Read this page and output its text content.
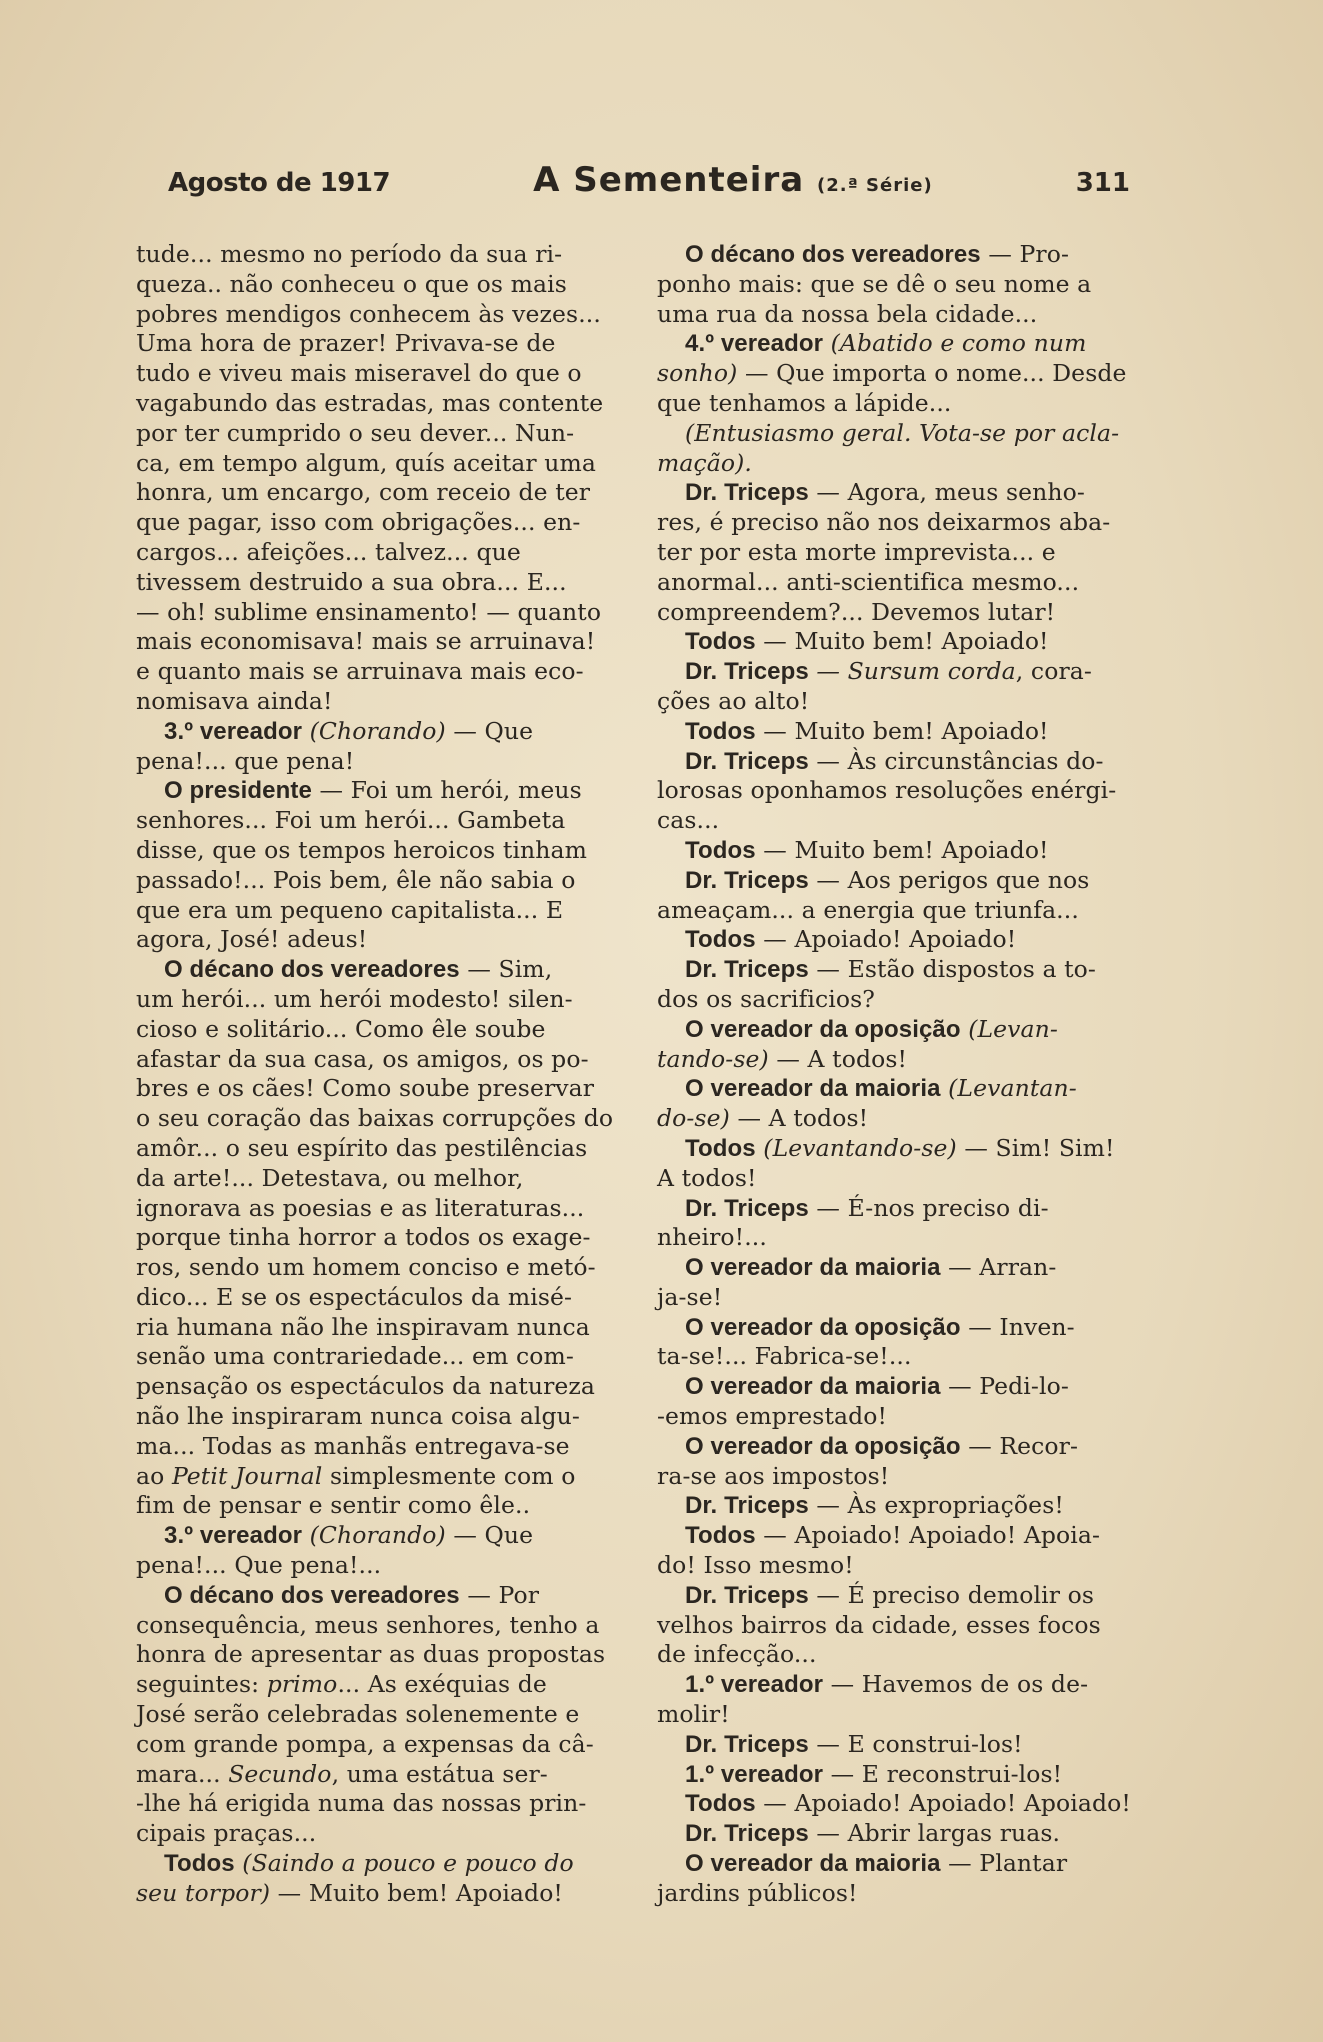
Agosto de 1917	A Sementeira (2.ª Série)	311
tude... mesmo no período da sua ri-
queza.. não conheceu o que os mais
pobres mendigos conhecem às vezes...
Uma hora de prazer! Privava-se de
tudo e viveu mais miseravel do que o
vagabundo das estradas, mas contente
por ter cumprido o seu dever... Nun-
ca, em tempo algum, quís aceitar uma
honra, um encargo, com receio de ter
que pagar, isso com obrigações... en-
cargos... afeições... talvez... que
tivessem destruido a sua obra... E...
— oh! sublime ensinamento! — quanto
mais economisava! mais se arruinava!
e quanto mais se arruinava mais eco-
nomisava ainda!
3.º vereador (Chorando) — Que
pena!... que pena!
O presidente — Foi um herói, meus
senhores... Foi um herói... Gambeta
disse, que os tempos heroicos tinham
passado!... Pois bem, êle não sabia o
que era um pequeno capitalista... E
agora, José! adeus!
O décano dos vereadores — Sim,
um herói... um herói modesto! silen-
cioso e solitário... Como êle soube
afastar da sua casa, os amigos, os po-
bres e os cães! Como soube preservar
o seu coração das baixas corrupções do
amôr... o seu espírito das pestilências
da arte!... Detestava, ou melhor,
ignorava as poesias e as literaturas...
porque tinha horror a todos os exage-
ros, sendo um homem conciso e metó-
dico... E se os espectáculos da misé-
ria humana não lhe inspiravam nunca
senão uma contrariedade... em com-
pensação os espectáculos da natureza
não lhe inspiraram nunca coisa algu-
ma... Todas as manhãs entregava-se
ao Petit Journal simplesmente com o
fim de pensar e sentir como êle..
3.º vereador (Chorando) — Que
pena!... Que pena!...
O décano dos vereadores — Por
consequência, meus senhores, tenho a
honra de apresentar as duas propostas
seguintes: primo... As exéquias de
José serão celebradas solenemente e
com grande pompa, a expensas da câ-
mara... Secundo, uma estátua ser-
-lhe há erigida numa das nossas prin-
cipais praças...
Todos (Saindo a pouco e pouco do
seu torpor) — Muito bem! Apoiado!
O décano dos vereadores — Pro-
ponho mais: que se dê o seu nome a
uma rua da nossa bela cidade...
4.º vereador (Abatido e como num
sonho) — Que importa o nome... Desde
que tenhamos a lápide...
(Entusiasmo geral. Vota-se por acla-
mação).
Dr. Triceps — Agora, meus senho-
res, é preciso não nos deixarmos aba-
ter por esta morte imprevista... e
anormal... anti-scientifica mesmo...
compreendem?... Devemos lutar!
Todos — Muito bem! Apoiado!
Dr. Triceps — Sursum corda, cora-
ções ao alto!
Todos — Muito bem! Apoiado!
Dr. Triceps — Às circunstâncias do-
lorosas oponhamos resoluções enérgi-
cas...
Todos — Muito bem! Apoiado!
Dr. Triceps — Aos perigos que nos
ameaçam... a energia que triunfa...
Todos — Apoiado! Apoiado!
Dr. Triceps — Estão dispostos a to-
dos os sacrificios?
O vereador da oposição (Levan-
tando-se) — A todos!
O vereador da maioria (Levantan-
do-se) — A todos!
Todos (Levantando-se) — Sim! Sim!
A todos!
Dr. Triceps — É-nos preciso di-
nheiro!...
O vereador da maioria — Arran-
ja-se!
O vereador da oposição — Inven-
ta-se!... Fabrica-se!...
O vereador da maioria — Pedi-lo-
-emos emprestado!
O vereador da oposição — Recor-
ra-se aos impostos!
Dr. Triceps — Às expropriações!
Todos — Apoiado! Apoiado! Apoia-
do! Isso mesmo!
Dr. Triceps — É preciso demolir os
velhos bairros da cidade, esses focos
de infecção...
1.º vereador — Havemos de os de-
molir!
Dr. Triceps — E construi-los!
1.º vereador — E reconstrui-los!
Todos — Apoiado! Apoiado! Apoiado!
Dr. Triceps — Abrir largas ruas.
O vereador da maioria — Plantar
jardins públicos!
